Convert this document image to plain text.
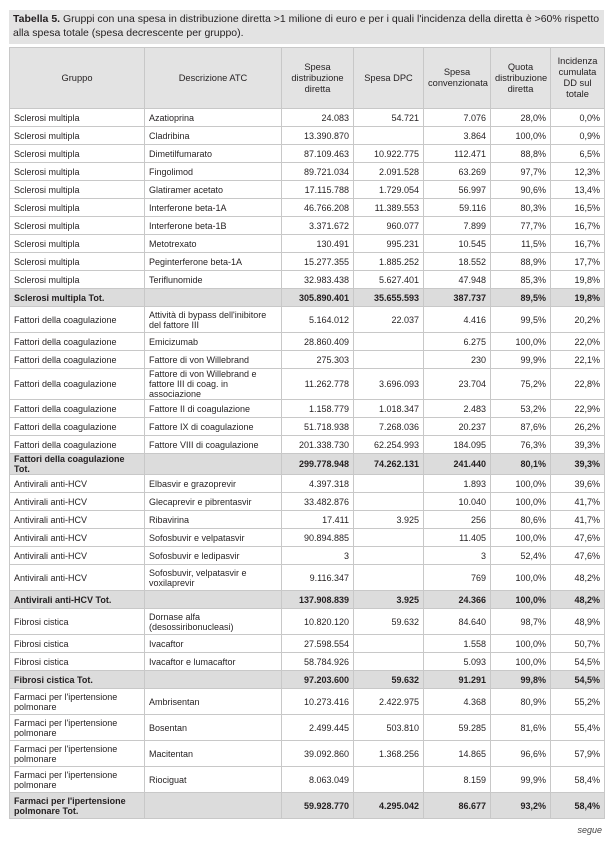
Tabella 5. Gruppi con una spesa in distribuzione diretta >1 milione di euro e per i quali l'incidenza della diretta è >60% rispetto alla spesa totale (spesa decrescente per gruppo).
Gruppo	Descrizione ATC	Spesa distribuzione diretta	Spesa DPC	Spesa convenzionata	Quota distribuzione diretta	Incidenza cumulata DD sul totale
Sclerosi multipla	Azatioprina	24.083	54.721	7.076	28,0%	0,0%
Sclerosi multipla	Cladribina	13.390.870		3.864	100,0%	0,9%
Sclerosi multipla	Dimetilfumarato	87.109.463	10.922.775	112.471	88,8%	6,5%
Sclerosi multipla	Fingolimod	89.721.034	2.091.528	63.269	97,7%	12,3%
Sclerosi multipla	Glatiramer acetato	17.115.788	1.729.054	56.997	90,6%	13,4%
Sclerosi multipla	Interferone beta-1A	46.766.208	11.389.553	59.116	80,3%	16,5%
Sclerosi multipla	Interferone beta-1B	3.371.672	960.077	7.899	77,7%	16,7%
Sclerosi multipla	Metotrexato	130.491	995.231	10.545	11,5%	16,7%
Sclerosi multipla	Peginterferone beta-1A	15.277.355	1.885.252	18.552	88,9%	17,7%
Sclerosi multipla	Teriflunomide	32.983.438	5.627.401	47.948	85,3%	19,8%
Sclerosi multipla Tot.		305.890.401	35.655.593	387.737	89,5%	19,8%
Fattori della coagulazione	Attività di bypass dell'inibitore del fattore III	5.164.012	22.037	4.416	99,5%	20,2%
Fattori della coagulazione	Emicizumab	28.860.409		6.275	100,0%	22,0%
Fattori della coagulazione	Fattore di von Willebrand	275.303		230	99,9%	22,1%
Fattori della coagulazione	Fattore di von Willebrand e fattore III di coag. in associazione	11.262.778	3.696.093	23.704	75,2%	22,8%
Fattori della coagulazione	Fattore II di coagulazione	1.158.779	1.018.347	2.483	53,2%	22,9%
Fattori della coagulazione	Fattore IX di coagulazione	51.718.938	7.268.036	20.237	87,6%	26,2%
Fattori della coagulazione	Fattore VIII di coagulazione	201.338.730	62.254.993	184.095	76,3%	39,3%
Fattori della coagulazione Tot.		299.778.948	74.262.131	241.440	80,1%	39,3%
Antivirali anti-HCV	Elbasvir e grazoprevir	4.397.318		1.893	100,0%	39,6%
Antivirali anti-HCV	Glecaprevir e pibrentasvir	33.482.876		10.040	100,0%	41,7%
Antivirali anti-HCV	Ribavirina	17.411	3.925	256	80,6%	41,7%
Antivirali anti-HCV	Sofosbuvir e velpatasvir	90.894.885		11.405	100,0%	47,6%
Antivirali anti-HCV	Sofosbuvir e ledipasvir	3		3	52,4%	47,6%
Antivirali anti-HCV	Sofosbuvir, velpatasvir e voxilaprevir	9.116.347		769	100,0%	48,2%
Antivirali anti-HCV Tot.		137.908.839	3.925	24.366	100,0%	48,2%
Fibrosi cistica	Dornase alfa (desossiribonucleasi)	10.820.120	59.632	84.640	98,7%	48,9%
Fibrosi cistica	Ivacaftor	27.598.554		1.558	100,0%	50,7%
Fibrosi cistica	Ivacaftor e lumacaftor	58.784.926		5.093	100,0%	54,5%
Fibrosi cistica Tot.		97.203.600	59.632	91.291	99,8%	54,5%
Farmaci per l'ipertensione polmonare	Ambrisentan	10.273.416	2.422.975	4.368	80,9%	55,2%
Farmaci per l'ipertensione polmonare	Bosentan	2.499.445	503.810	59.285	81,6%	55,4%
Farmaci per l'ipertensione polmonare	Macitentan	39.092.860	1.368.256	14.865	96,6%	57,9%
Farmaci per l'ipertensione polmonare	Riociguat	8.063.049		8.159	99,9%	58,4%
Farmaci per l'ipertensione polmonare Tot.		59.928.770	4.295.042	86.677	93,2%	58,4%
segue
